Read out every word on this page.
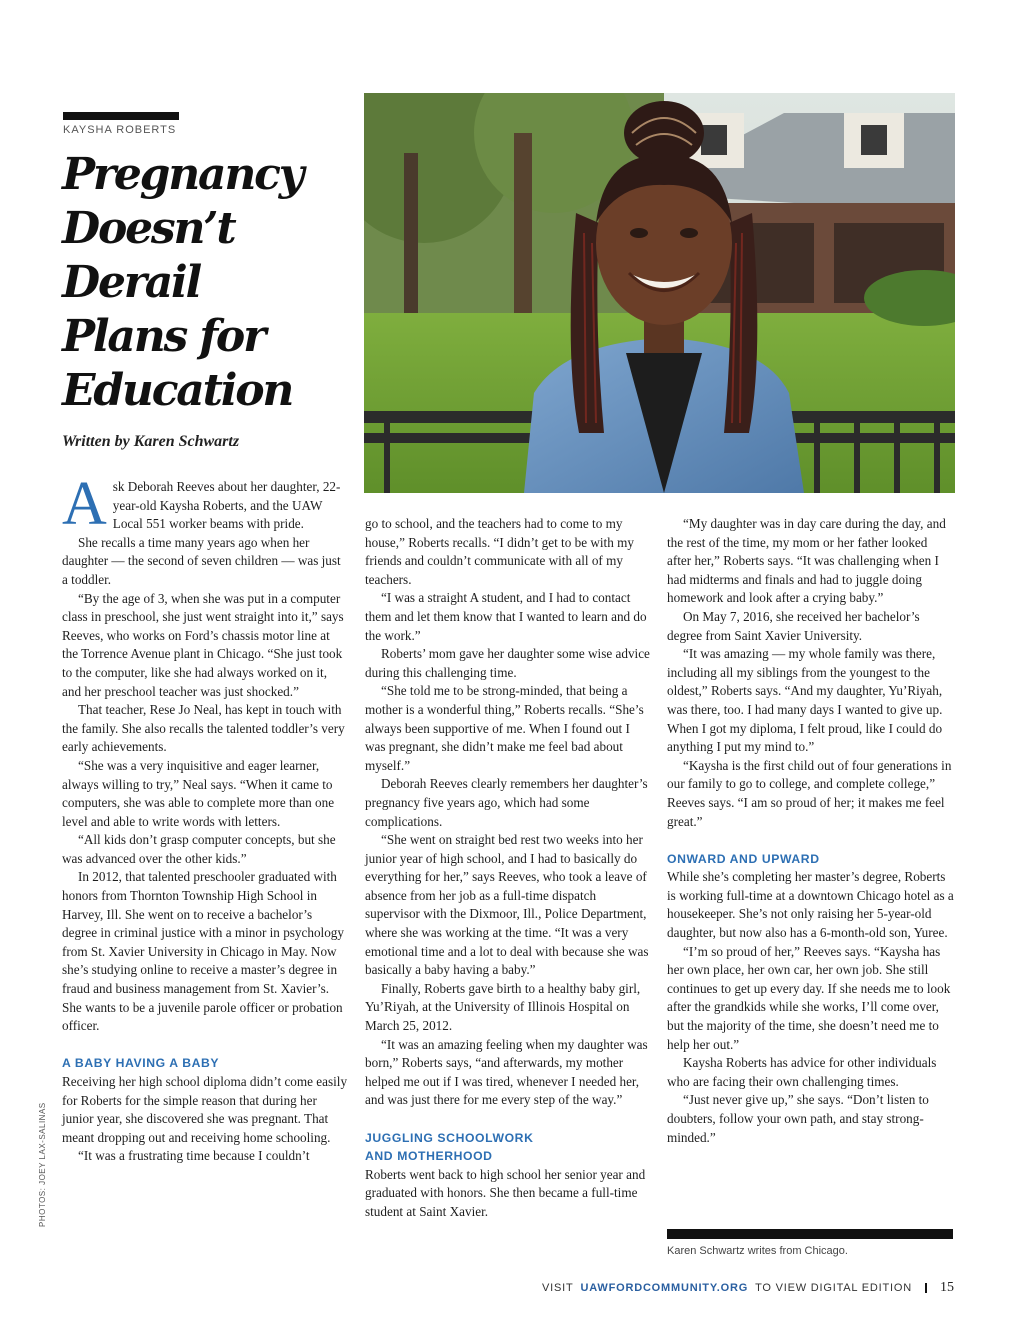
KAYSHA ROBERTS
Pregnancy
Doesn’t
Derail
Plans for
Education
Written by Karen Schwartz
PHOTOS: JOEY LAX-SALINAS

Ask Deborah Reeves about her daughter, 22-year-old Kaysha Roberts, and the UAW Local 551 worker beams with pride.

She recalls a time many years ago when her daughter — the second of seven children — was just a toddler.

“By the age of 3, when she was put in a computer class in preschool, she just went straight into it,” says Reeves, who works on Ford’s chassis motor line at the Torrence Avenue plant in Chicago. “She just took to the computer, like she had always worked on it, and her preschool teacher was just shocked.”

That teacher, Rese Jo Neal, has kept in touch with the family. She also recalls the talented toddler’s very early achievements.

“She was a very inquisitive and eager learner, always willing to try,” Neal says. “When it came to computers, she was able to complete more than one level and able to write words with letters.

“All kids don’t grasp computer concepts, but she was advanced over the other kids.”

In 2012, that talented preschooler graduated with honors from Thornton Township High School in Harvey, Ill. She went on to receive a bachelor’s degree in criminal justice with a minor in psychology from St. Xavier University in Chicago in May. Now she’s studying online to receive a master’s degree in fraud and business management from St. Xavier’s. She wants to be a juvenile parole officer or probation officer.

A BABY HAVING A BABY

Receiving her high school diploma didn’t come easily for Roberts for the simple reason that during her junior year, she discovered she was pregnant. That meant dropping out and receiving home schooling.

“It was a frustrating time because I couldn’t

go to school, and the teachers had to come to my house,” Roberts recalls. “I didn’t get to be with my friends and couldn’t communicate with all of my teachers.

“I was a straight A student, and I had to contact them and let them know that I wanted to learn and do the work.”

Roberts’ mom gave her daughter some wise advice during this challenging time.

“She told me to be strong-minded, that being a mother is a wonderful thing,” Roberts recalls. “She’s always been supportive of me. When I found out I was pregnant, she didn’t make me feel bad about myself.”

Deborah Reeves clearly remembers her daughter’s pregnancy five years ago, which had some complications.

“She went on straight bed rest two weeks into her junior year of high school, and I had to basically do everything for her,” says Reeves, who took a leave of absence from her job as a full-time dispatch supervisor with the Dixmoor, Ill., Police Department, where she was working at the time. “It was a very emotional time and a lot to deal with because she was basically a baby having a baby.”

Finally, Roberts gave birth to a healthy baby girl, Yu’Riyah, at the University of Illinois Hospital on March 25, 2012.

“It was an amazing feeling when my daughter was born,” Roberts says, “and afterwards, my mother helped me out if I was tired, whenever I needed her, and was just there for me every step of the way.”

JUGGLING SCHOOLWORK
AND MOTHERHOOD

Roberts went back to high school her senior year and graduated with honors. She then became a full-time student at Saint Xavier.

“My daughter was in day care during the day, and the rest of the time, my mom or her father looked after her,” Roberts says. “It was challenging when I had midterms and finals and had to juggle doing homework and look after a crying baby.”

On May 7, 2016, she received her bachelor’s degree from Saint Xavier University.

“It was amazing — my whole family was there, including all my siblings from the youngest to the oldest,” Roberts says. “And my daughter, Yu’Riyah, was there, too. I had many days I wanted to give up. When I got my diploma, I felt proud, like I could do anything I put my mind to.”

“Kaysha is the first child out of four generations in our family to go to college, and complete college,” Reeves says. “I am so proud of her; it makes me feel great.”

ONWARD AND UPWARD

While she’s completing her master’s degree, Roberts is working full-time at a downtown Chicago hotel as a housekeeper. She’s not only raising her 5-year-old daughter, but now also has a 6-month-old son, Yuree.

“I’m so proud of her,” Reeves says. “Kaysha has her own place, her own car, her own job. She still continues to get up every day. If she needs me to look after the grandkids while she works, I’ll come over, but the majority of the time, she doesn’t need me to help her out.”

Kaysha Roberts has advice for other individuals who are facing their own challenging times.

“Just never give up,” she says. “Don’t listen to doubters, follow your own path, and stay strong-minded.”

Karen Schwartz writes from Chicago.
VISIT UAWFORDCOMMUNITY.ORG TO VIEW DIGITAL EDITION 15
